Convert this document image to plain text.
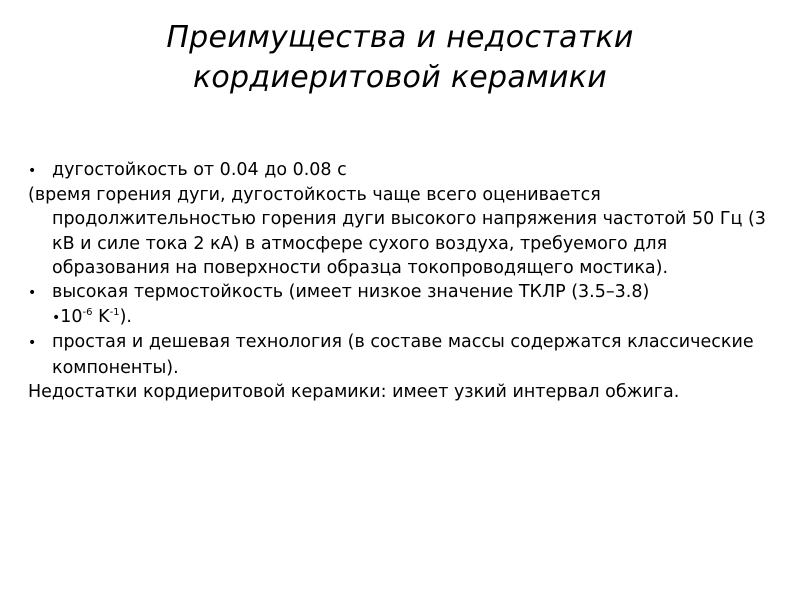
Преимущества и недостатки
кордиеритовой керамики

• дугостойкость от 0.04 до 0.08 с

(время горения дуги, дугостойкость чаще всего оценивается продолжительностью горения дуги высокого напряжения частотой 50 Гц (3 кВ и силе тока 2 кА) в атмосфере сухого воздуха, требуемого для образования на поверхности образца токопроводящего мостика).

• высокая термостойкость (имеет низкое значение ТКЛР (3.5–3.8)
$•10^{-6}$ $K^{-1}$).

• простая и дешевая технология (в составе массы содержатся классические компоненты).

Недостатки кордиеритовой керамики: имеет узкий интервал обжига.
